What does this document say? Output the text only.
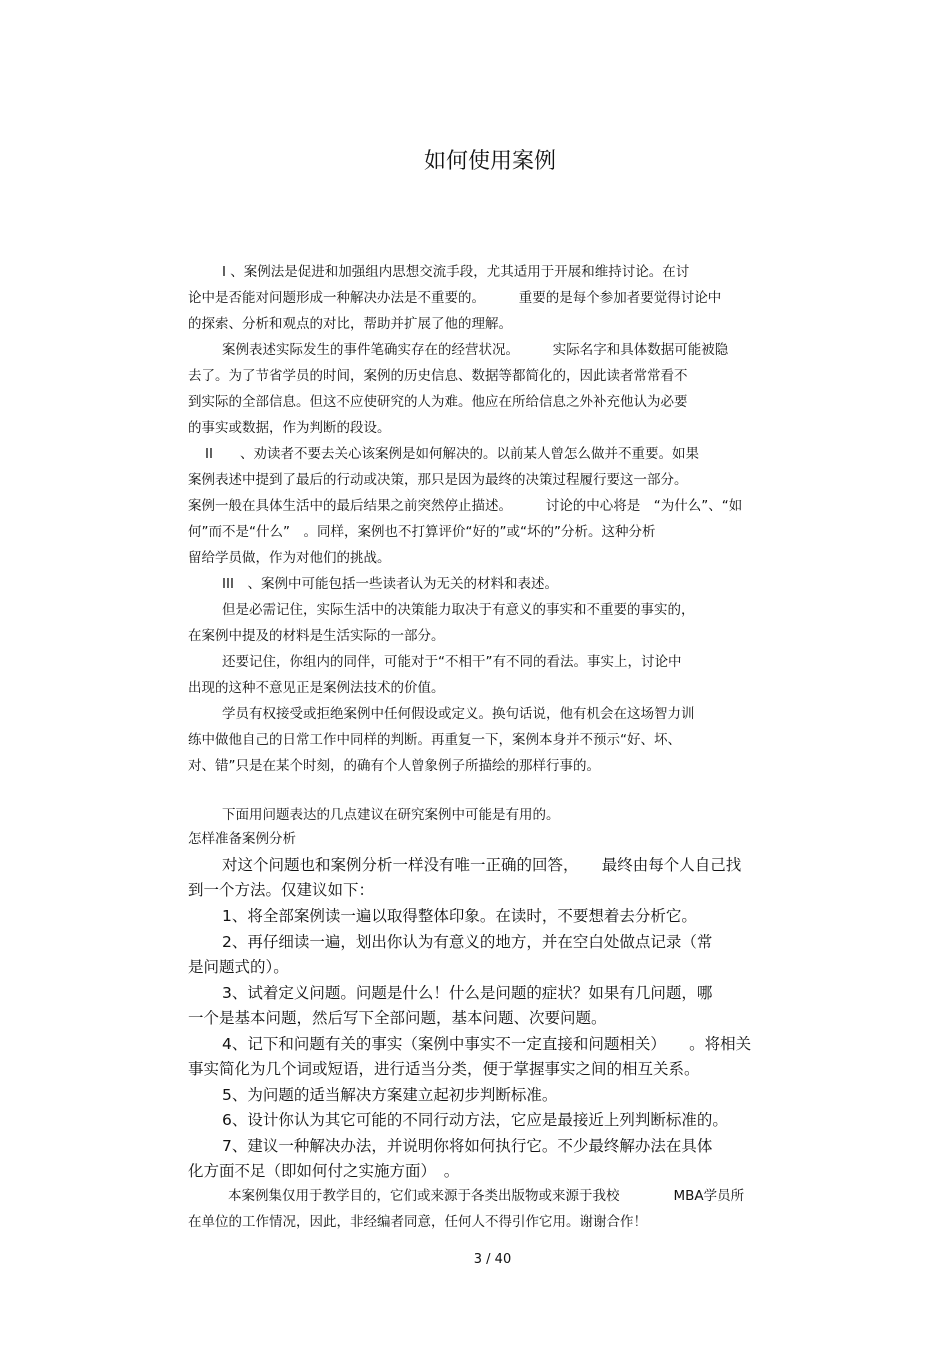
如何使用案例

I 、案例法是促进和加强组内思想交流手段，尤其适用于开展和维持讨论。在讨

论中是否能对问题形成一种解决办法是不重要的。　　　重要的是每个参加者要觉得讨论中

的探索、分析和观点的对比，帮助并扩展了他的理解。

案例表述实际发生的事件笔确实存在的经营状况。　　　实际名字和具体数据可能被隐

去了。为了节省学员的时间，案例的历史信息、数据等都简化的，因此读者常常看不

到实际的全部信息。但这不应使研究的人为难。他应在所给信息之外补充他认为必要

的事实或数据，作为判断的段设。

II　　、劝读者不要去关心该案例是如何解决的。以前某人曾怎么做并不重要。如果

案例表述中提到了最后的行动或决策，那只是因为最终的决策过程履行要这一部分。

案例一般在具体生活中的最后结果之前突然停止描述。　　　讨论的中心将是　“为什么”、“如

何”而不是“什么”　。同样，案例也不打算评价“好的”或“坏的”分析。这种分析

留给学员做，作为对他们的挑战。

III　、案例中可能包括一些读者认为无关的材料和表述。

但是必需记住，实际生活中的决策能力取决于有意义的事实和不重要的事实的，

在案例中提及的材料是生活实际的一部分。

还要记住，你组内的同伴，可能对于“不相干”有不同的看法。事实上，讨论中

出现的这种不意见正是案例法技术的价值。

学员有权接受或拒绝案例中任何假设或定义。换句话说，他有机会在这场智力训

练中做他自己的日常工作中同样的判断。再重复一下，案例本身并不预示“好、坏、

对、错”只是在某个时刻，的确有个人曾象例子所描绘的那样行事的。

下面用问题表达的几点建议在研究案例中可能是有用的。

怎样准备案例分析

对这个问题也和案例分析一样没有唯一正确的回答，　　最终由每个人自己找

到一个方法。仅建议如下：

1、将全部案例读一遍以取得整体印象。在读时，不要想着去分析它。

2、再仔细读一遍，划出你认为有意义的地方，并在空白处做点记录（常

是问题式的）。

3、试着定义问题。问题是什么！什么是问题的症状？如果有几问题，哪

一个是基本问题，然后写下全部问题，基本问题、次要问题。

4、记下和问题有关的事实（案例中事实不一定直接和问题相关）　　。将相关

事实简化为几个词或短语，进行适当分类，便于掌握事实之间的相互关系。

5、为问题的适当解决方案建立起初步判断标准。

6、设计你认为其它可能的不同行动方法，它应是最接近上列判断标准的。

7、建议一种解决办法，并说明你将如何执行它。不少最终解办法在具体

化方面不足（即如何付之实施方面）　。

本案例集仅用于教学目的，它们或来源于各类出版物或来源于我校　　　　MBA学员所

在单位的工作情况，因此，非经编者同意，任何人不得引作它用。谢谢合作！

3 / 40
